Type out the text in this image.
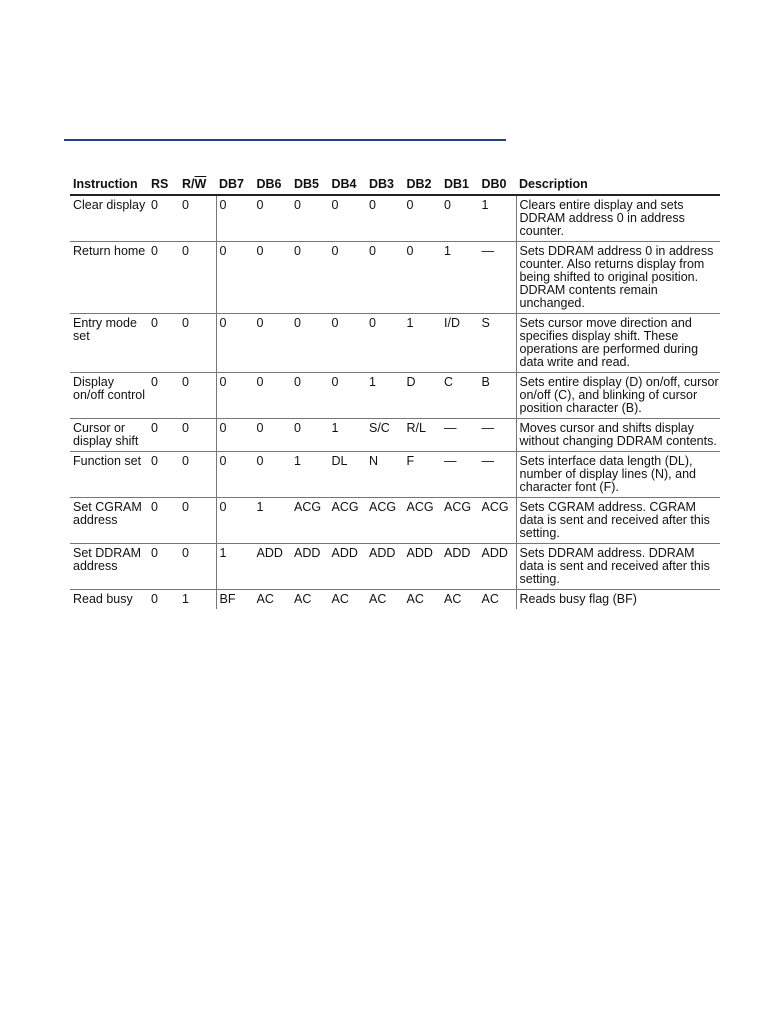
Instruction	RS	$R/\overline{W}$	DB7	DB6	DB5	DB4	DB3	DB2	DB1	DB0	Description
Clear display	0	0	0	0	0	0	0	0	0	1	Clears entire display and sets DDRAM address 0 in address counter.
Return home	0	0	0	0	0	0	0	0	1	—	Sets DDRAM address 0 in address counter. Also returns display from being shifted to original position. DDRAM contents remain unchanged.
Entry mode set	0	0	0	0	0	0	0	1	I/D	S	Sets cursor move direction and specifies display shift. These operations are performed during data write and read.
Display on/off control	0	0	0	0	0	0	1	D	C	B	Sets entire display (D) on/off, cursor on/off (C), and blinking of cursor position character (B).
Cursor or display shift	0	0	0	0	0	1	S/C	R/L	—	—	Moves cursor and shifts display without changing DDRAM contents.
Function set	0	0	0	0	1	DL	N	F	—	—	Sets interface data length (DL), number of display lines (N), and character font (F).
Set CGRAM address	0	0	0	1	ACG	ACG	ACG	ACG	ACG	ACG	Sets CGRAM address. CGRAM data is sent and received after this setting.
Set DDRAM address	0	0	1	ADD	ADD	ADD	ADD	ADD	ADD	ADD	Sets DDRAM address. DDRAM data is sent and received after this setting.
Read busy	0	1	BF	AC	AC	AC	AC	AC	AC	AC	Reads busy flag (BF)
